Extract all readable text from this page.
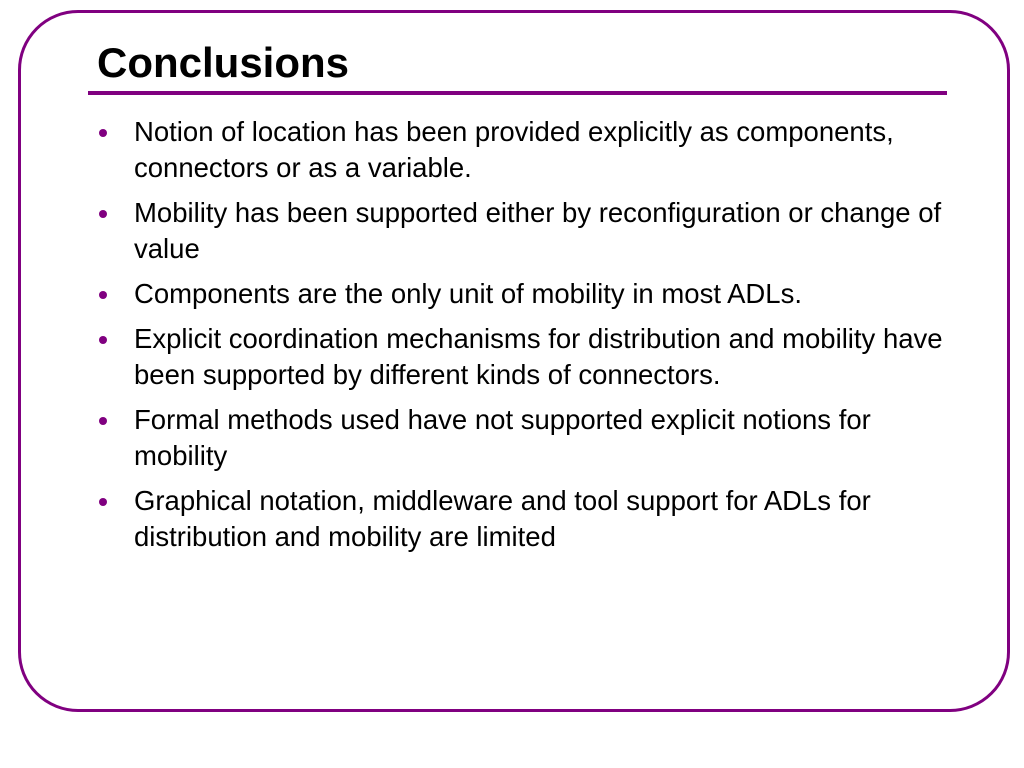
Conclusions
Notion of location has been provided explicitly as components, connectors or as a variable.
Mobility has been supported either by reconfiguration or change of value
Components are the only unit of mobility in most ADLs.
Explicit coordination mechanisms for distribution and mobility have been supported by different kinds of connectors.
Formal methods used have not supported explicit notions for mobility
Graphical notation, middleware and tool support for ADLs for distribution and mobility are limited
